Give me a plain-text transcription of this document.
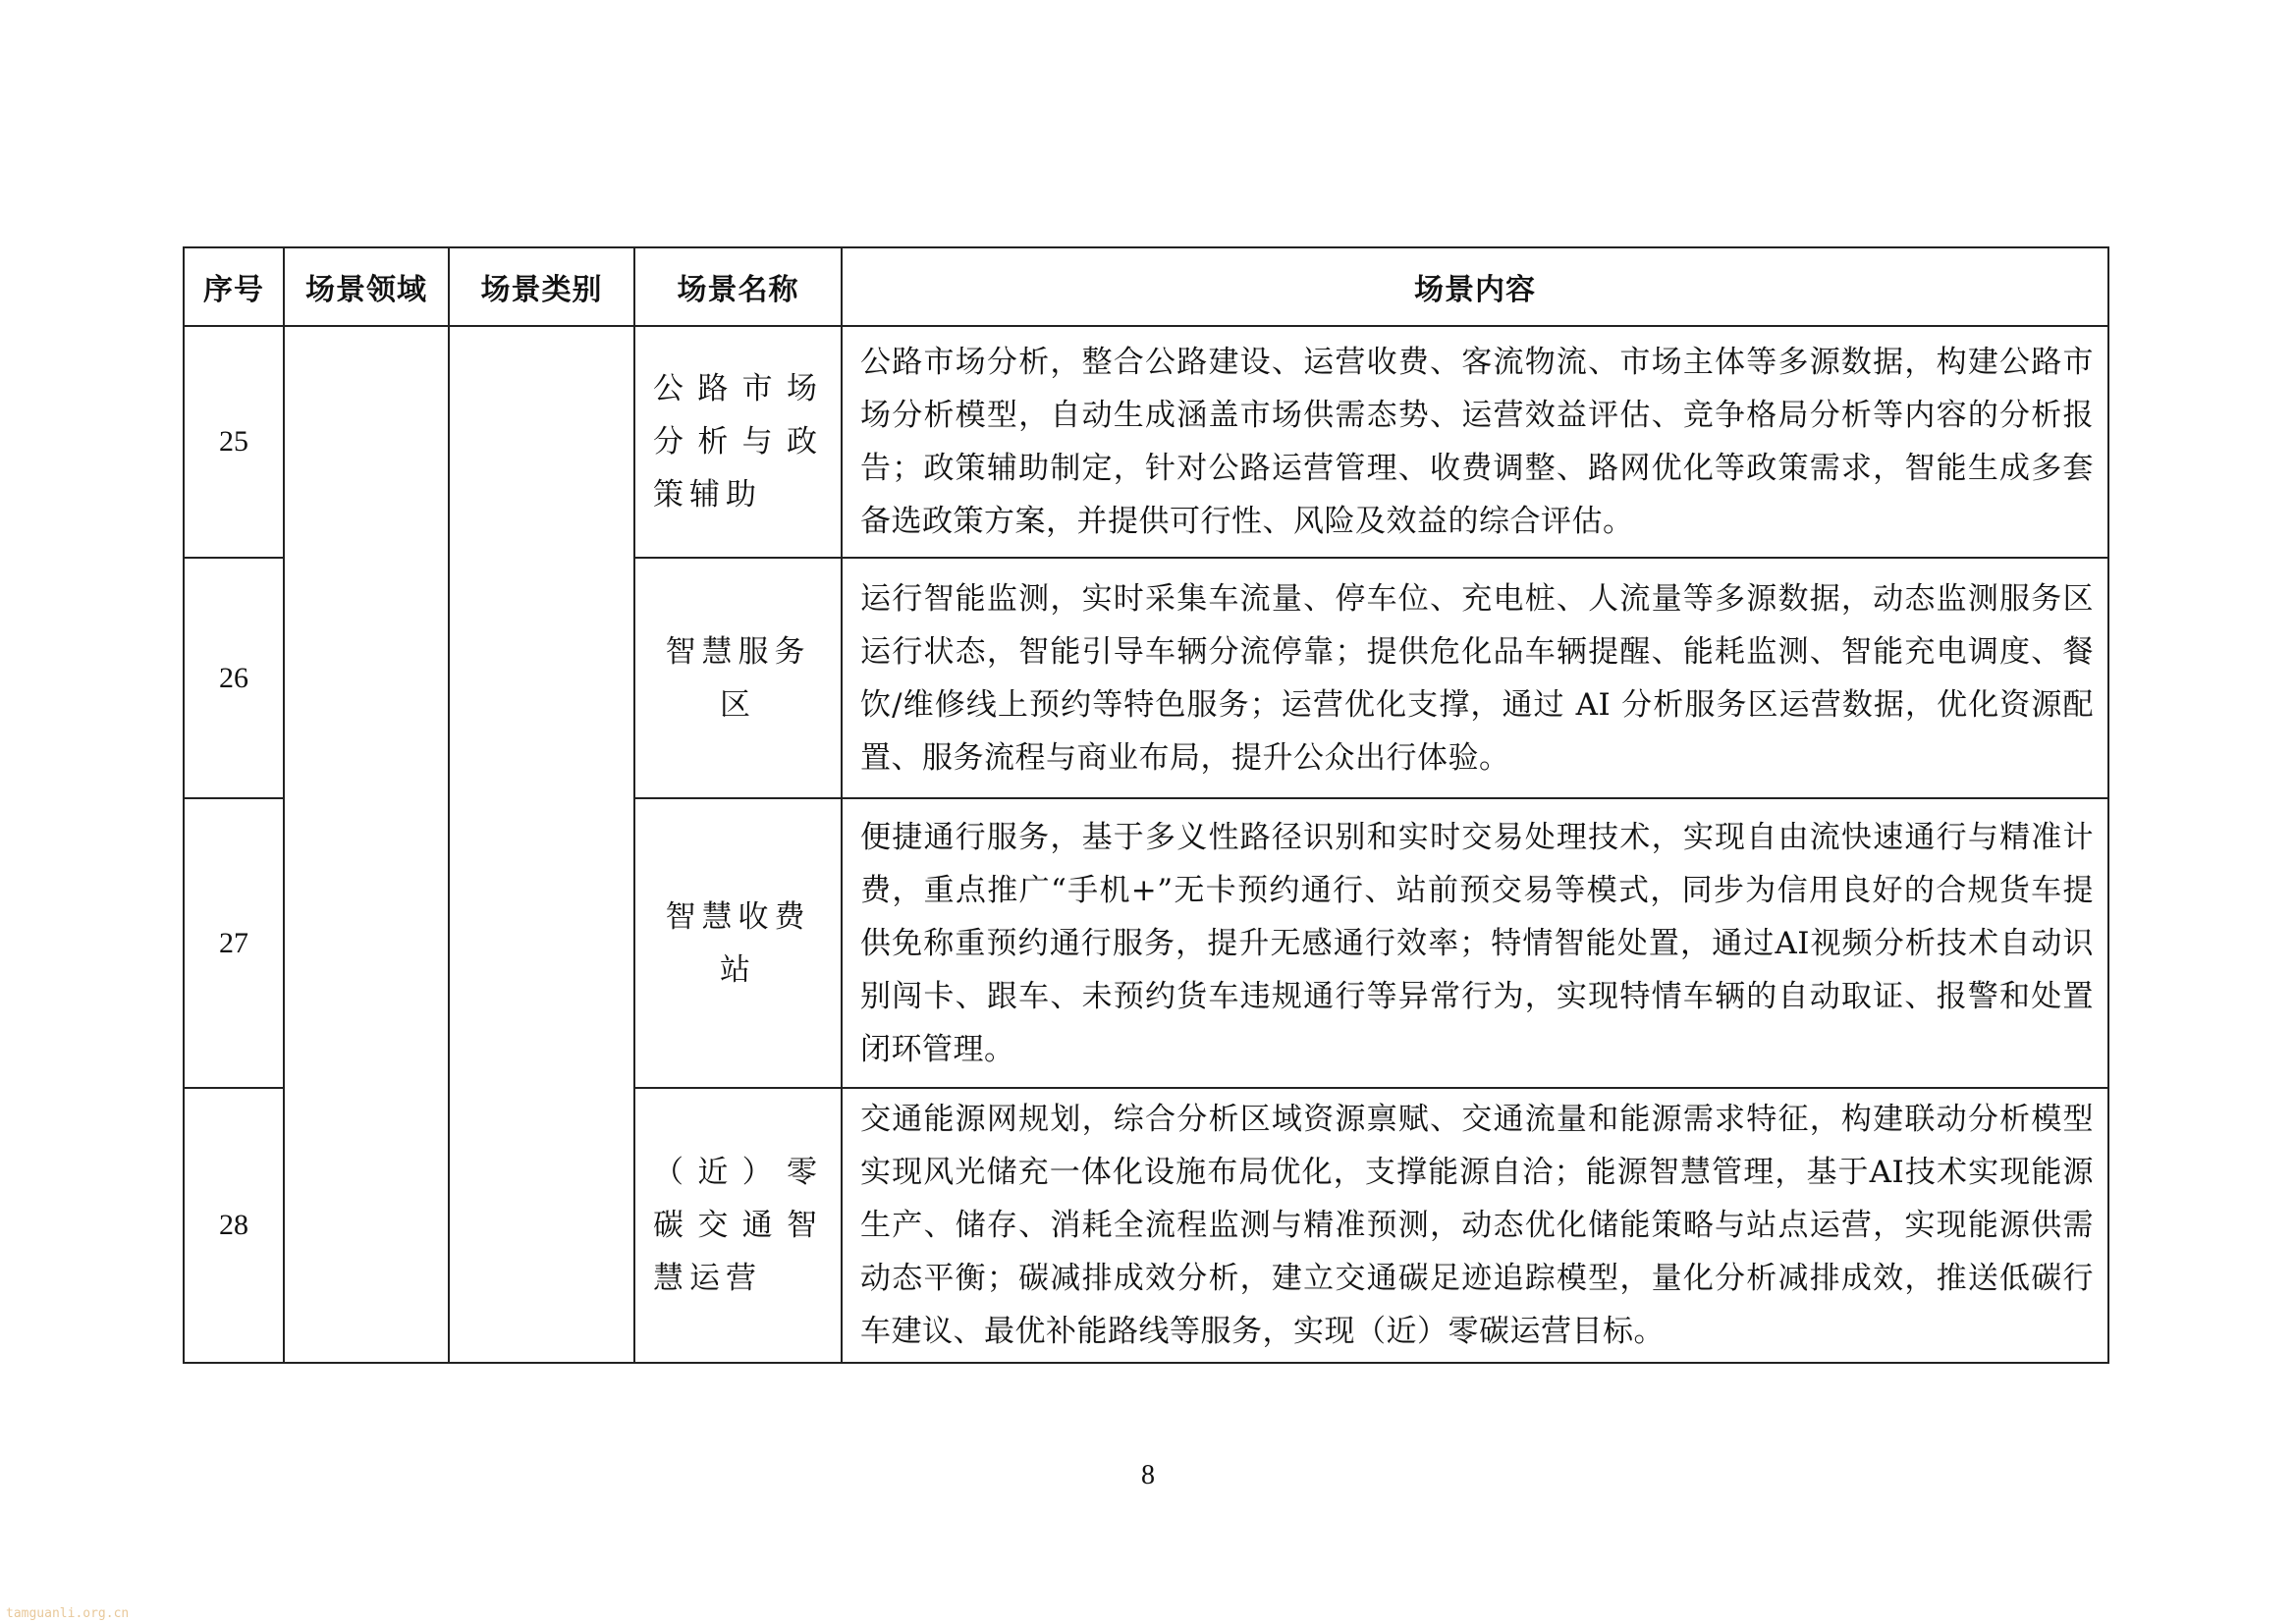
序号	场景领域	场景类别	场景名称	场景内容
25			公路市场分析与政策辅助	公路市场分析，整合公路建设、运营收费、客流物流、市场主体等多源数据，构建公路市场分析模型，自动生成涵盖市场供需态势、运营效益评估、竞争格局分析等内容的分析报告；政策辅助制定，针对公路运营管理、收费调整、路网优化等政策需求，智能生成多套备选政策方案，并提供可行性、风险及效益的综合评估。
26			智慧服务区	运行智能监测，实时采集车流量、停车位、充电桩、人流量等多源数据，动态监测服务区运行状态，智能引导车辆分流停靠；提供危化品车辆提醒、能耗监测、智能充电调度、餐饮/维修线上预约等特色服务；运营优化支撑，通过 AI 分析服务区运营数据，优化资源配置、服务流程与商业布局，提升公众出行体验。
27			智慧收费站	便捷通行服务，基于多义性路径识别和实时交易处理技术，实现自由流快速通行与精准计费，重点推广“手机+”无卡预约通行、站前预交易等模式，同步为信用良好的合规货车提供免称重预约通行服务，提升无感通行效率；特情智能处置，通过AI视频分析技术自动识别闯卡、跟车、未预约货车违规通行等异常行为，实现特情车辆的自动取证、报警和处置闭环管理。
28			（近）零碳交通智慧运营	交通能源网规划，综合分析区域资源禀赋、交通流量和能源需求特征，构建联动分析模型实现风光储充一体化设施布局优化，支撑能源自洽；能源智慧管理，基于AI技术实现能源生产、储存、消耗全流程监测与精准预测，动态优化储能策略与站点运营，实现能源供需动态平衡；碳减排成效分析，建立交通碳足迹追踪模型，量化分析减排成效，推送低碳行车建议、最优补能路线等服务，实现（近）零碳运营目标。
8
tamguanli.org.cn
